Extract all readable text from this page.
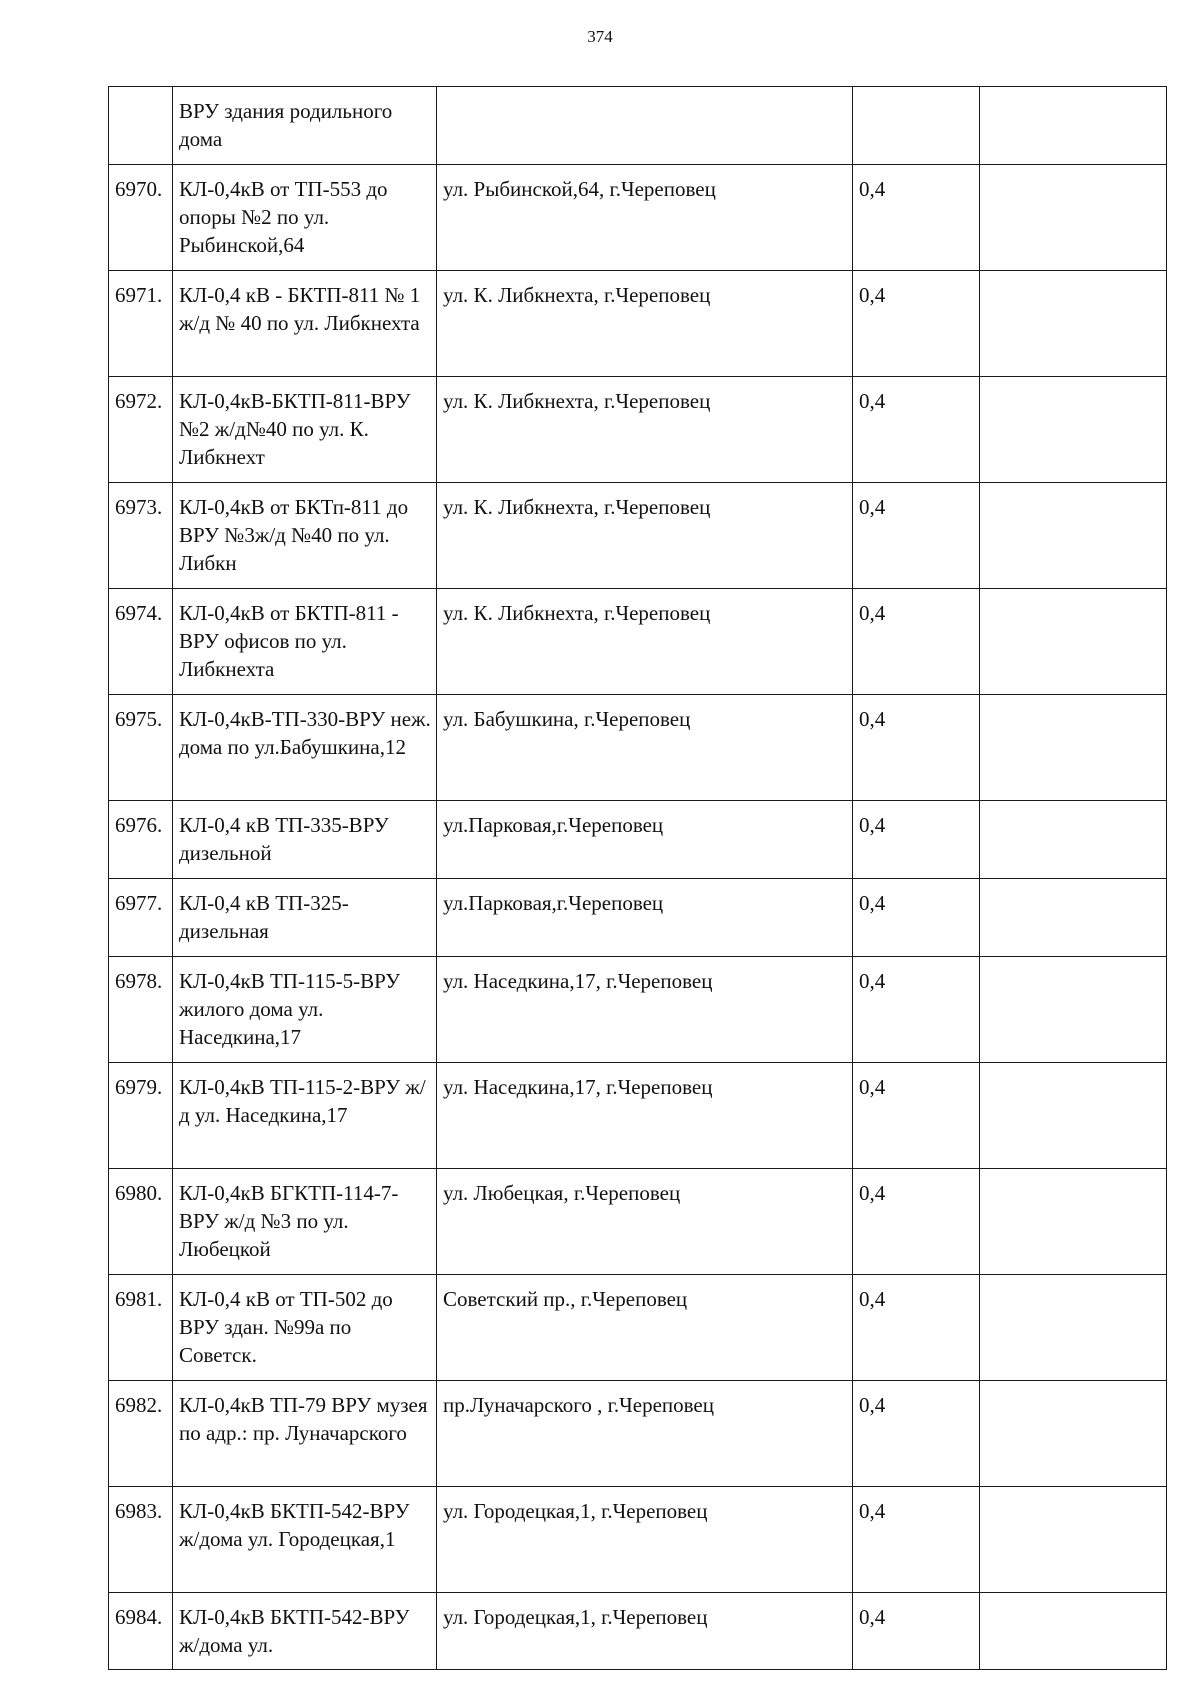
374
	ВРУ здания родильного дома			
6970.	КЛ-0,4кВ от ТП-553 до опоры №2 по ул. Рыбинской,64	ул. Рыбинской,64, г.Череповец	0,4	
6971.	КЛ-0,4 кВ - БКТП-811 № 1 ж/д № 40 по ул. Либкнехта	ул. К. Либкнехта, г.Череповец	0,4	
6972.	КЛ-0,4кВ-БКТП-811-ВРУ №2 ж/д№40 по ул. К. Либкнехт	ул. К. Либкнехта, г.Череповец	0,4	
6973.	КЛ-0,4кВ от БКТп-811 до ВРУ №3ж/д №40 по ул. Либкн	ул. К. Либкнехта, г.Череповец	0,4	
6974.	КЛ-0,4кВ от БКТП-811 - ВРУ офисов по ул. Либкнехта	ул. К. Либкнехта, г.Череповец	0,4	
6975.	КЛ-0,4кВ-ТП-330-ВРУ неж. дома по ул.Бабушкина,12	ул. Бабушкина, г.Череповец	0,4	
6976.	КЛ-0,4 кВ ТП-335-ВРУ дизельной	ул.Парковая,г.Череповец	0,4	
6977.	КЛ-0,4 кВ ТП-325-дизельная	ул.Парковая,г.Череповец	0,4	
6978.	КЛ-0,4кВ ТП-115-5-ВРУ жилого дома ул. Наседкина,17	ул. Наседкина,17, г.Череповец	0,4	
6979.	КЛ-0,4кВ ТП-115-2-ВРУ ж/ д ул. Наседкина,17	ул. Наседкина,17, г.Череповец	0,4	
6980.	КЛ-0,4кВ БГКТП-114-7-ВРУ ж/д №3 по ул. Любецкой	ул. Любецкая, г.Череповец	0,4	
6981.	КЛ-0,4 кВ от ТП-502 до ВРУ здан. №99а по Советск.	Советский пр., г.Череповец	0,4	
6982.	КЛ-0,4кВ ТП-79 ВРУ музея по адр.: пр. Луначарского	пр.Луначарского , г.Череповец	0,4	
6983.	КЛ-0,4кВ БКТП-542-ВРУ ж/дома ул. Городецкая,1	ул. Городецкая,1, г.Череповец	0,4	
6984.	КЛ-0,4кВ БКТП-542-ВРУ ж/дома ул.	ул. Городецкая,1, г.Череповец	0,4	
